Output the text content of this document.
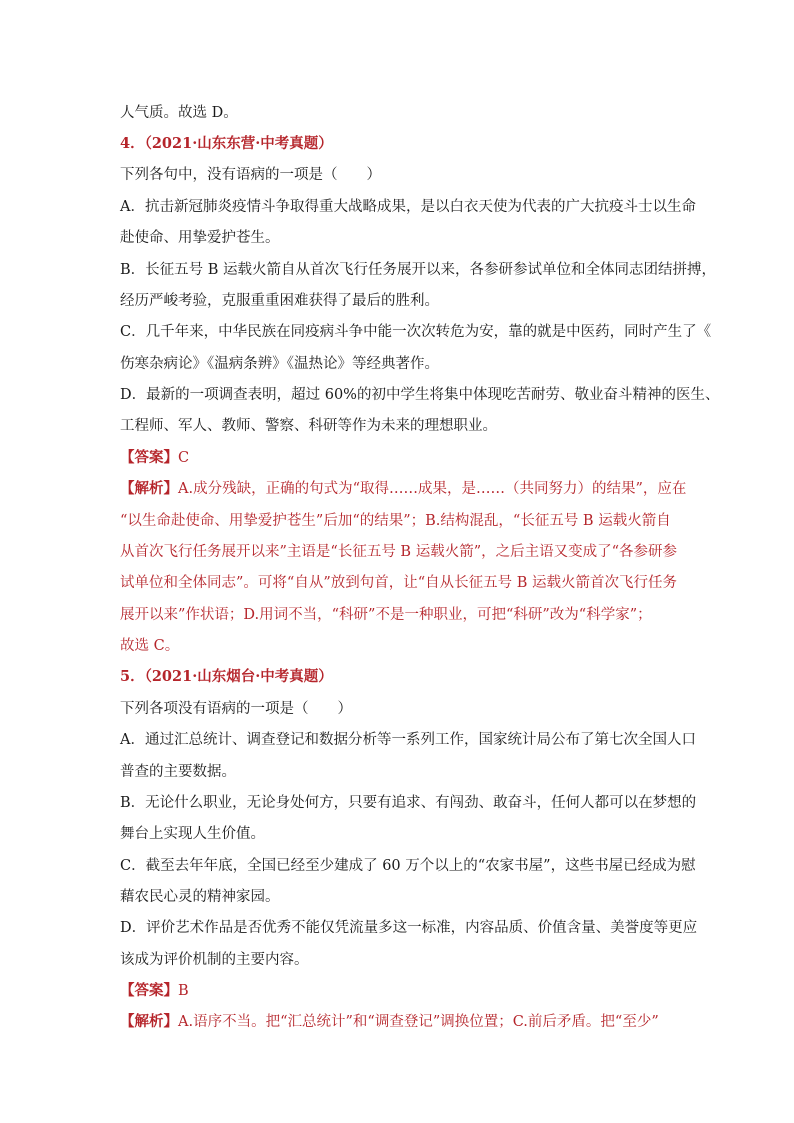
人气质。故选 D。
4．（2021·山东东营·中考真题）
下列各句中，没有语病的一项是（　　）
A．抗击新冠肺炎疫情斗争取得重大战略成果，是以白衣天使为代表的广大抗疫斗士以生命
赴使命、用挚爱护苍生。
B．长征五号 B 运载火箭自从首次飞行任务展开以来，各参研参试单位和全体同志团结拼搏，
经历严峻考验，克服重重困难获得了最后的胜利。
C．几千年来，中华民族在同疫病斗争中能一次次转危为安，靠的就是中医药，同时产生了《
伤寒杂病论》《温病条辨》《温热论》等经典著作。
D．最新的一项调查表明，超过 60%的初中学生将集中体现吃苦耐劳、敬业奋斗精神的医生、
工程师、军人、教师、警察、科研等作为未来的理想职业。
【答案】C
【解析】A.成分残缺，正确的句式为“取得……成果，是……（共同努力）的结果”，应在
“以生命赴使命、用挚爱护苍生”后加“的结果”；B.结构混乱，“长征五号 B 运载火箭自
从首次飞行任务展开以来”主语是“长征五号 B 运载火箭”，之后主语又变成了“各参研参
试单位和全体同志”。可将“自从”放到句首，让“自从长征五号 B 运载火箭首次飞行任务
展开以来”作状语；D.用词不当，“科研”不是一种职业，可把“科研”改为“科学家”；
故选 C。
5．（2021·山东烟台·中考真题）
下列各项没有语病的一项是（　　）
A．通过汇总统计、调查登记和数据分析等一系列工作，国家统计局公布了第七次全国人口
普查的主要数据。
B．无论什么职业，无论身处何方，只要有追求、有闯劲、敢奋斗，任何人都可以在梦想的
舞台上实现人生价值。
C．截至去年年底，全国已经至少建成了 60 万个以上的“农家书屋”，这些书屋已经成为慰
藉农民心灵的精神家园。
D．评价艺术作品是否优秀不能仅凭流量多这一标准，内容品质、价值含量、美誉度等更应
该成为评价机制的主要内容。
【答案】B
【解析】A.语序不当。把“汇总统计”和“调查登记”调换位置；C.前后矛盾。把“至少”
